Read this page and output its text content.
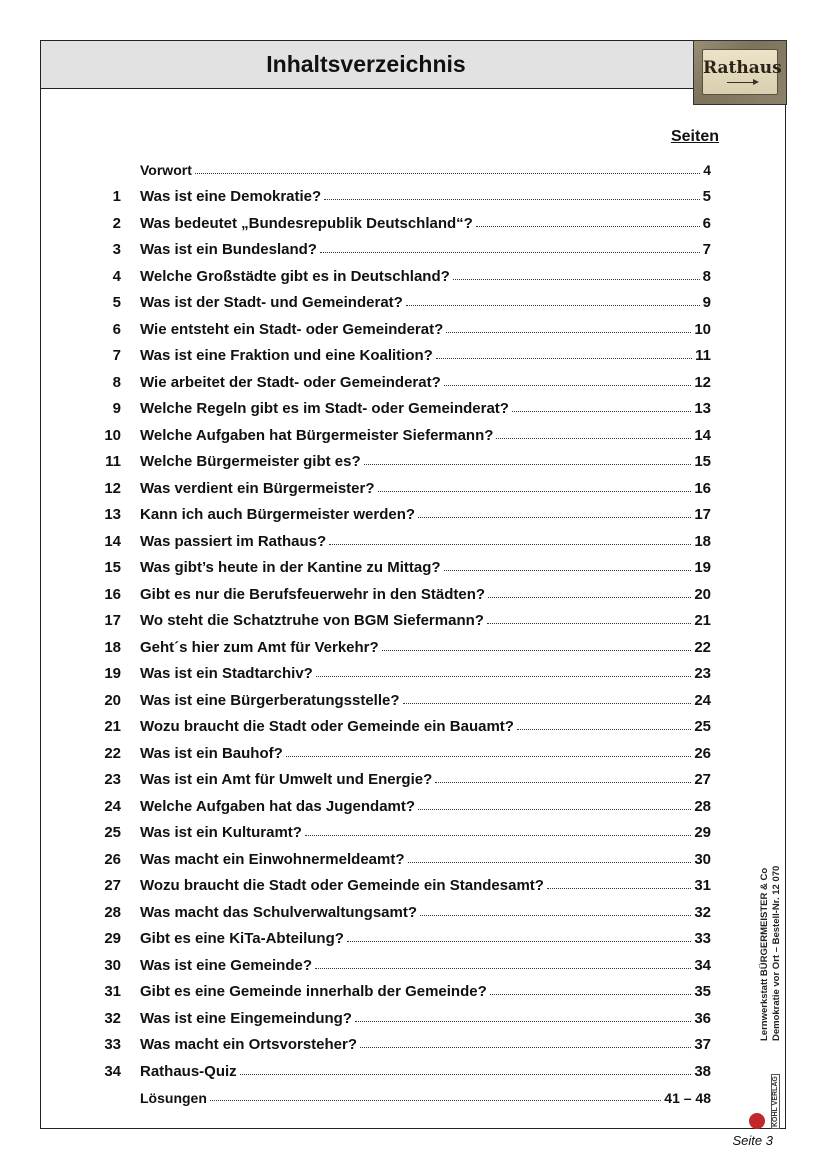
Inhaltsverzeichnis	Rathaus
Seiten
Vorwort	4
1 Was ist eine Demokratie?	5
2 Was bedeutet „Bundesrepublik Deutschland“?	6
3 Was ist ein Bundesland?	7
4 Welche Großstädte gibt es in Deutschland?	8
5 Was ist der Stadt- und Gemeinderat?	9
6 Wie entsteht ein Stadt- oder Gemeinderat?	10
7 Was ist eine Fraktion und eine Koalition?	11
8 Wie arbeitet der Stadt- oder Gemeinderat?	12
9 Welche Regeln gibt es im Stadt- oder Gemeinderat?	13
10 Welche Aufgaben hat Bürgermeister Siefermann?	14
11 Welche Bürgermeister gibt es?	15
12 Was verdient ein Bürgermeister?	16
13 Kann ich auch Bürgermeister werden?	17
14 Was passiert im Rathaus?	18
15 Was gibt’s heute in der Kantine zu Mittag?	19
16 Gibt es nur die Berufsfeuerwehr in den Städten?	20
17 Wo steht die Schatztruhe von BGM Siefermann?	21
18 Geht´s hier zum Amt für Verkehr?	22
19 Was ist ein Stadtarchiv?	23
20 Was ist eine Bürgerberatungsstelle?	24
21 Wozu braucht die Stadt oder Gemeinde ein Bauamt?	25
22 Was ist ein Bauhof?	26
23 Was ist ein Amt für Umwelt und Energie?	27
24 Welche Aufgaben hat das Jugendamt?	28
25 Was ist ein Kulturamt?	29
26 Was macht ein Einwohnermeldeamt?	30
27 Wozu braucht die Stadt oder Gemeinde ein Standesamt?	31
28 Was macht das Schulverwaltungsamt?	32
29 Gibt es eine KiTa-Abteilung?	33
30 Was ist eine Gemeinde?	34
31 Gibt es eine Gemeinde innerhalb der Gemeinde?	35
32 Was ist eine Eingemeindung?	36
33 Was macht ein Ortsvorsteher?	37
34 Rathaus-Quiz	38
Lösungen	41 – 48
Lernwerkstatt BÜRGERMEISTER & Co Demokratie vor Ort – Bestell-Nr. 12 070
KOHL VERLAG
Seite 3
